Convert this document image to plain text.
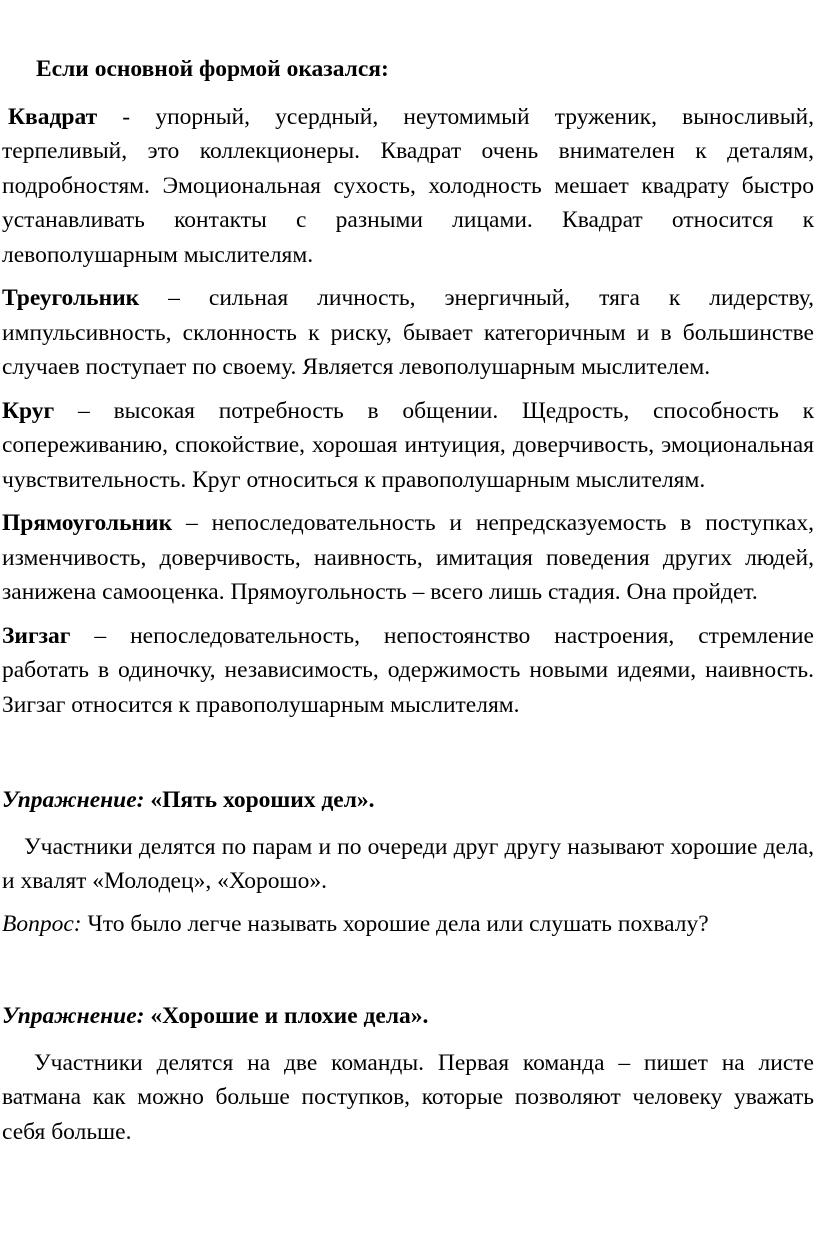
Если основной формой оказался:

Квадрат - упорный, усердный, неутомимый труженик, выносливый, терпеливый, это коллекционеры. Квадрат очень внимателен к деталям, подробностям. Эмоциональная сухость, холодность мешает квадрату быстро устанавливать контакты с разными лицами. Квадрат относится к левополушарным мыслителям.

Треугольник – сильная личность, энергичный, тяга к лидерству, импульсивность, склонность к риску, бывает категоричным и в большинстве случаев поступает по своему. Является левополушарным мыслителем.

Круг – высокая потребность в общении. Щедрость, способность к сопереживанию, спокойствие, хорошая интуиция, доверчивость, эмоциональная чувствительность. Круг относиться к правополушарным мыслителям.

Прямоугольник – непоследовательность и непредсказуемость в поступках, изменчивость, доверчивость, наивность, имитация поведения других людей, занижена самооценка. Прямоугольность – всего лишь стадия. Она пройдет.

Зигзаг – непоследовательность, непостоянство настроения, стремление работать в одиночку, независимость, одержимость новыми идеями, наивность. Зигзаг относится к правополушарным мыслителям.

Упражнение: «Пять хороших дел».

Участники делятся по парам и по очереди друг другу называют хорошие дела, и хвалят «Молодец», «Хорошо».

Вопрос: Что было легче называть хорошие дела или слушать похвалу?

Упражнение: «Хорошие и плохие дела».

Участники делятся на две команды. Первая команда – пишет на листе ватмана как можно больше поступков, которые позволяют человеку уважать себя больше.
